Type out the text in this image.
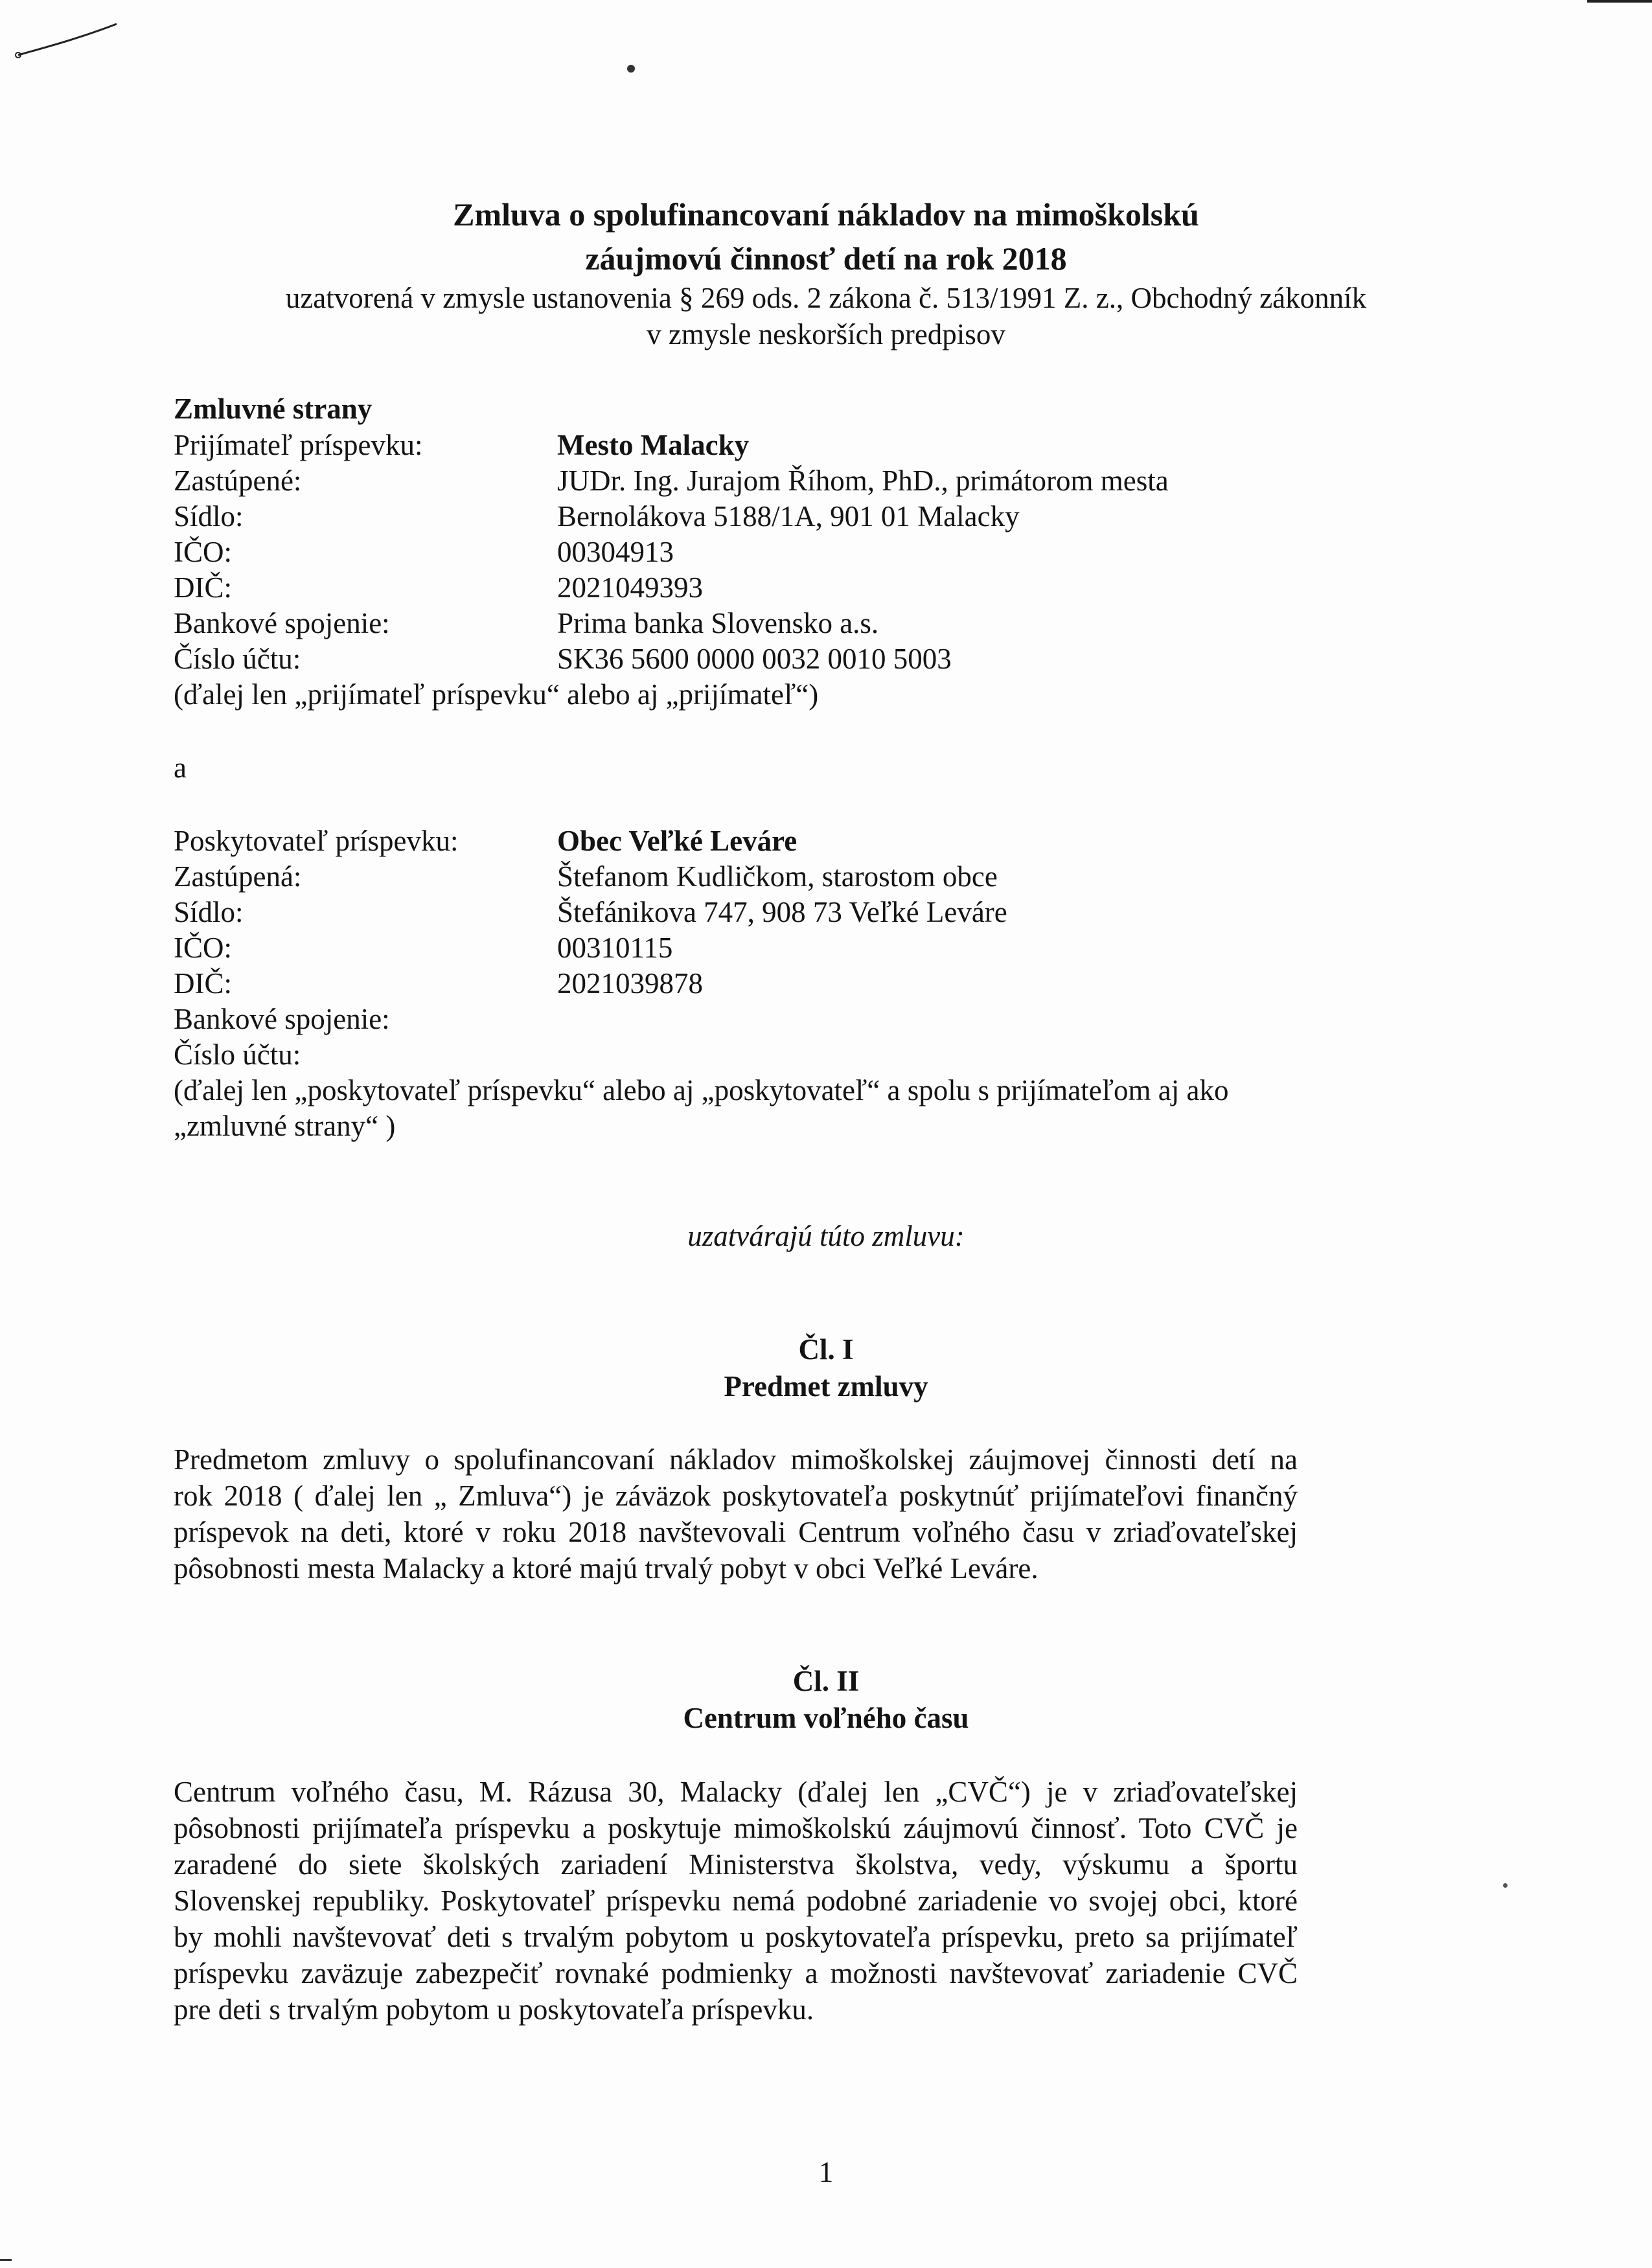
Zmluva o spolufinancovaní nákladov na mimoškolskú
záujmovú činnosť detí na rok 2018
uzatvorená v zmysle ustanovenia § 269 ods. 2 zákona č. 513/1991 Z. z., Obchodný zákonník
v zmysle neskorších predpisov
Zmluvné strany
Prijímateľ príspevku:	Mesto Malacky
Zastúpené:	JUDr. Ing. Jurajom Říhom, PhD., primátorom mesta
Sídlo:	Bernolákova 5188/1A, 901 01 Malacky
IČO:	00304913
DIČ:	2021049393
Bankové spojenie:	Prima banka Slovensko a.s.
Číslo účtu:	SK36 5600 0000 0032 0010 5003
(ďalej len „prijímateľ príspevku“ alebo aj „prijímateľ“)
a
Poskytovateľ príspevku:	Obec Veľké Leváre
Zastúpená:	Štefanom Kudličkom, starostom obce
Sídlo:	Štefánikova 747, 908 73 Veľké Leváre
IČO:	00310115
DIČ:	2021039878
Bankové spojenie:
Číslo účtu:
(ďalej len „poskytovateľ príspevku“ alebo aj „poskytovateľ“ a spolu s prijímateľom aj ako
„zmluvné strany“ )
uzatvárajú túto zmluvu:
Čl. I
Predmet zmluvy
Predmetom zmluvy o spolufinancovaní nákladov mimoškolskej záujmovej činnosti detí na
rok 2018 ( ďalej len „ Zmluva“) je záväzok poskytovateľa poskytnúť prijímateľovi finančný
príspevok na deti, ktoré v roku 2018 navštevovali Centrum voľného času v zriaďovateľskej
pôsobnosti mesta Malacky a ktoré majú trvalý pobyt v obci Veľké Leváre.
Čl. II
Centrum voľného času
Centrum voľného času, M. Rázusa 30, Malacky (ďalej len „CVČ“) je v zriaďovateľskej
pôsobnosti prijímateľa príspevku a poskytuje mimoškolskú záujmovú činnosť. Toto CVČ je
zaradené do siete školských zariadení Ministerstva školstva, vedy, výskumu a športu
Slovenskej republiky. Poskytovateľ príspevku nemá podobné zariadenie vo svojej obci, ktoré
by mohli navštevovať deti s trvalým pobytom u poskytovateľa príspevku, preto sa prijímateľ
príspevku zaväzuje zabezpečiť rovnaké podmienky a možnosti navštevovať zariadenie CVČ
pre deti s trvalým pobytom u poskytovateľa príspevku.
1
